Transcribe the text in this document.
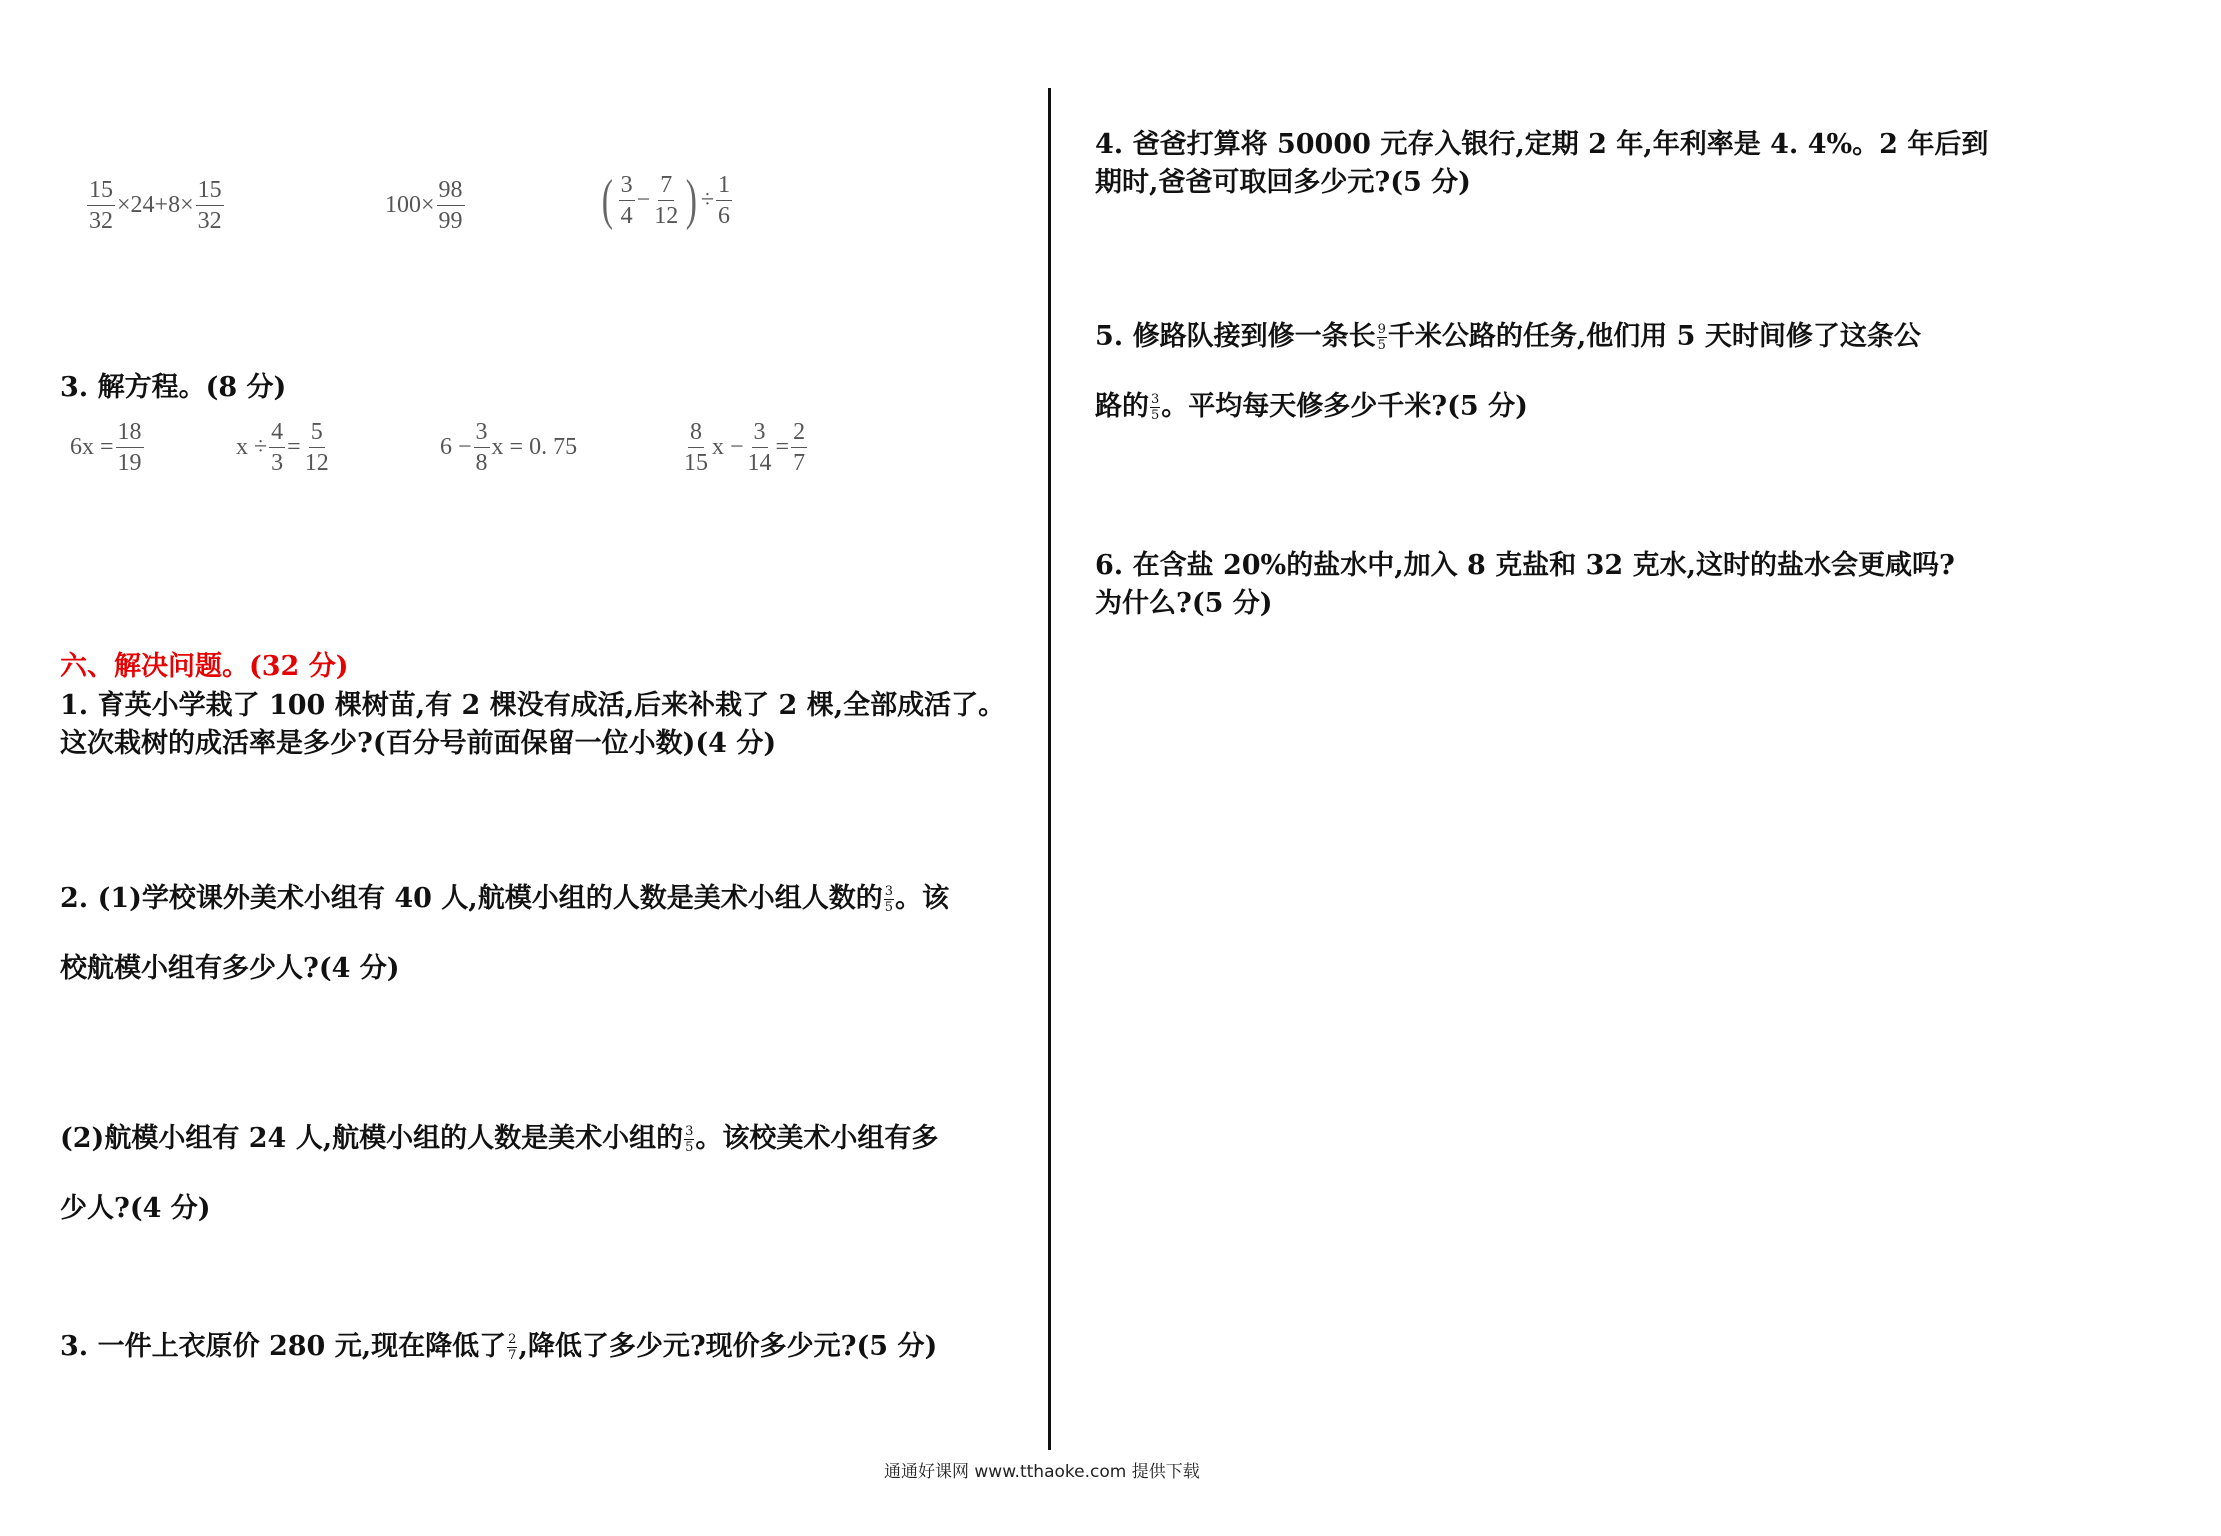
$\frac{15}{32} \times 24+8\times \frac{15}{32}$	$100\times \frac{98}{99}$ ( $\frac{3}{4} - \frac{7}{12}$ ) ÷ $\frac{1}{6}$
3. 解方程。(8 分)
$6x = \frac{18}{19}$	$x \div \frac{4}{3} = \frac{5}{12}$	$6 - \frac{3}{8}$ x = 0. 75	$\frac{8}{15}$ $x - \frac{3}{14} = \frac{2}{7}$
六、解决问题。(32 分)
1. 育英小学栽了 100 棵树苗,有 2 棵没有成活,后来补栽了 2 棵,全部成活了。
这次栽树的成活率是多少?(百分号前面保留一位小数)(4 分)
2. (1)学校课外美术小组有 40 人,航模小组的人数是美术小组人数的 $\frac{3}{5}$ 。该
校航模小组有多少人?(4 分)
(2)航模小组有 24 人,航模小组的人数是美术小组的 $\frac{3}{5}$ 。该校美术小组有多
少人?(4 分)
3. 一件上衣原价 280 元,现在降低了 $\frac{2}{7}$ ,降低了多少元?现价多少元?(5 分)
4. 爸爸打算将 50000 元存入银行,定期 2 年,年利率是 4. 4%。2 年后到
期时,爸爸可取回多少元?(5 分)
5. 修路队接到修一条长 $\frac{9}{5}$ 千米公路的任务,他们用 5 天时间修了这条公
路的 $\frac{3}{5}$ 。平均每天修多少千米?(5 分)
6. 在含盐 20%的盐水中,加入 8 克盐和 32 克水,这时的盐水会更咸吗?
为什么?(5 分)
通通好课网 www.tthaoke.com 提供下载
